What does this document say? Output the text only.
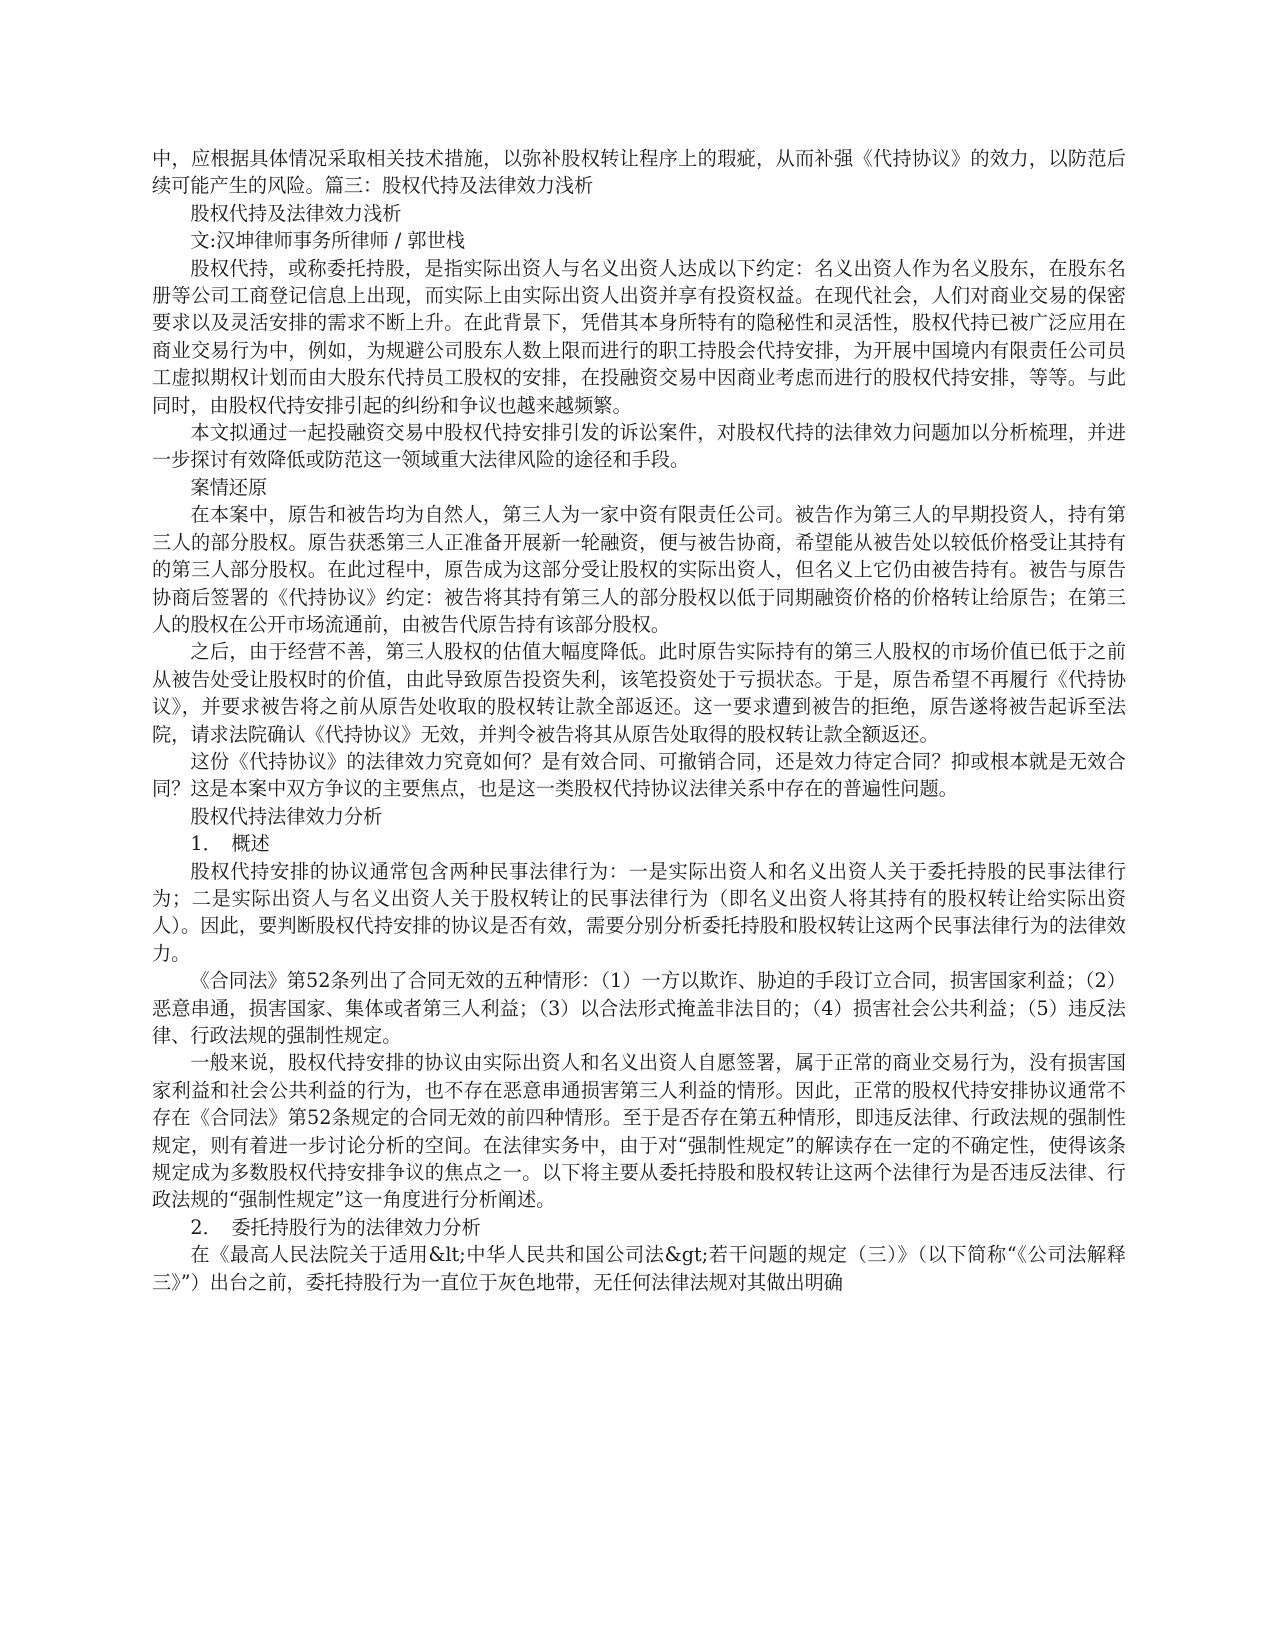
中，应根据具体情况采取相关技术措施，以弥补股权转让程序上的瑕疵，从而补强《代持协议》的效力，以防范后续可能产生的风险。篇三：股权代持及法律效力浅析

股权代持及法律效力浅析

文:汉坤律师事务所律师 / 郭世栈

股权代持，或称委托持股，是指实际出资人与名义出资人达成以下约定：名义出资人作为名义股东，在股东名册等公司工商登记信息上出现，而实际上由实际出资人出资并享有投资权益。在现代社会，人们对商业交易的保密要求以及灵活安排的需求不断上升。在此背景下，凭借其本身所特有的隐秘性和灵活性，股权代持已被广泛应用在商业交易行为中，例如，为规避公司股东人数上限而进行的职工持股会代持安排，为开展中国境内有限责任公司员工虚拟期权计划而由大股东代持员工股权的安排，在投融资交易中因商业考虑而进行的股权代持安排，等等。与此同时，由股权代持安排引起的纠纷和争议也越来越频繁。

本文拟通过一起投融资交易中股权代持安排引发的诉讼案件，对股权代持的法律效力问题加以分析梳理，并进一步探讨有效降低或防范这一领域重大法律风险的途径和手段。

案情还原

在本案中，原告和被告均为自然人，第三人为一家中资有限责任公司。被告作为第三人的早期投资人，持有第三人的部分股权。原告获悉第三人正准备开展新一轮融资，便与被告协商，希望能从被告处以较低价格受让其持有的第三人部分股权。在此过程中，原告成为这部分受让股权的实际出资人，但名义上它仍由被告持有。被告与原告协商后签署的《代持协议》约定：被告将其持有第三人的部分股权以低于同期融资价格的价格转让给原告；在第三人的股权在公开市场流通前，由被告代原告持有该部分股权。

之后，由于经营不善，第三人股权的估值大幅度降低。此时原告实际持有的第三人股权的市场价值已低于之前从被告处受让股权时的价值，由此导致原告投资失利，该笔投资处于亏损状态。于是，原告希望不再履行《代持协议》，并要求被告将之前从原告处收取的股权转让款全部返还。这一要求遭到被告的拒绝，原告遂将被告起诉至法院，请求法院确认《代持协议》无效，并判令被告将其从原告处取得的股权转让款全额返还。

这份《代持协议》的法律效力究竟如何？是有效合同、可撤销合同，还是效力待定合同？抑或根本就是无效合同？这是本案中双方争议的主要焦点，也是这一类股权代持协议法律关系中存在的普遍性问题。

股权代持法律效力分析

1．　概述

股权代持安排的协议通常包含两种民事法律行为：一是实际出资人和名义出资人关于委托持股的民事法律行为；二是实际出资人与名义出资人关于股权转让的民事法律行为（即名义出资人将其持有的股权转让给实际出资人）。因此，要判断股权代持安排的协议是否有效，需要分别分析委托持股和股权转让这两个民事法律行为的法律效力。

《合同法》第52条列出了合同无效的五种情形：（1）一方以欺诈、胁迫的手段订立合同，损害国家利益；（2）恶意串通，损害国家、集体或者第三人利益；（3）以合法形式掩盖非法目的；（4）损害社会公共利益；（5）违反法律、行政法规的强制性规定。

一般来说，股权代持安排的协议由实际出资人和名义出资人自愿签署，属于正常的商业交易行为，没有损害国家利益和社会公共利益的行为，也不存在恶意串通损害第三人利益的情形。因此，正常的股权代持安排协议通常不存在《合同法》第52条规定的合同无效的前四种情形。至于是否存在第五种情形，即违反法律、行政法规的强制性规定，则有着进一步讨论分析的空间。在法律实务中，由于对“强制性规定”的解读存在一定的不确定性，使得该条规定成为多数股权代持安排争议的焦点之一。以下将主要从委托持股和股权转让这两个法律行为是否违反法律、行政法规的“强制性规定”这一角度进行分析阐述。

2．　委托持股行为的法律效力分析

在《最高人民法院关于适用&lt;中华人民共和国公司法&gt;若干问题的规定（三）》（以下简称“《公司法解释三》”）出台之前，委托持股行为一直位于灰色地带，无任何法律法规对其做出明确
